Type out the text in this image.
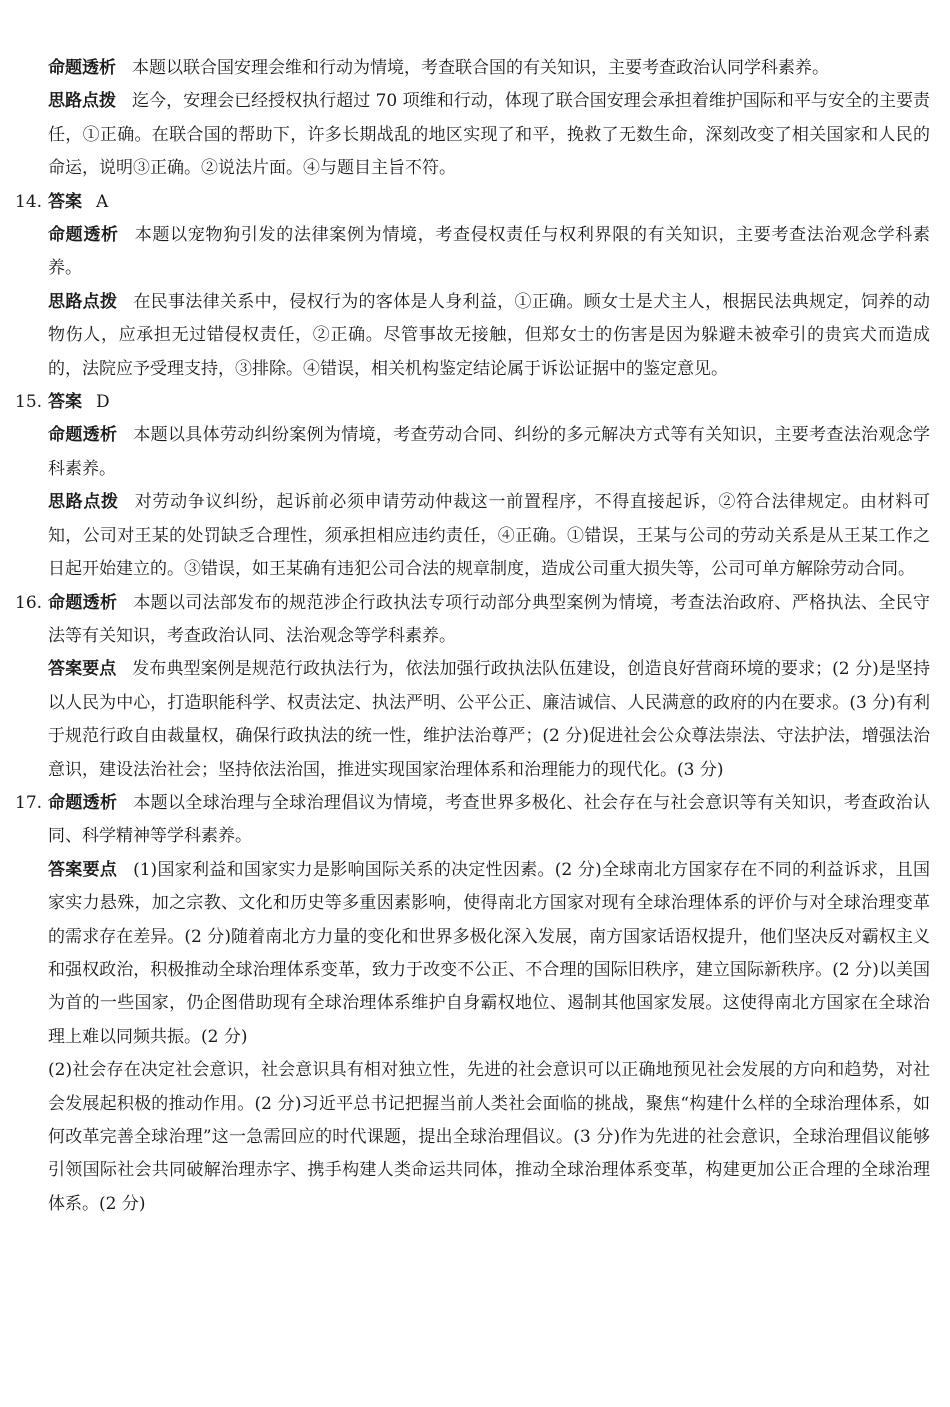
命题透析 本题以联合国安理会维和行动为情境，考查联合国的有关知识，主要考查政治认同学科素养。

思路点拨 迄今，安理会已经授权执行超过 70 项维和行动，体现了联合国安理会承担着维护国际和平与安全的主要责任，①正确。在联合国的帮助下，许多长期战乱的地区实现了和平，挽救了无数生命，深刻改变了相关国家和人民的命运，说明③正确。②说法片面。④与题目主旨不符。

14. 答案 A

命题透析 本题以宠物狗引发的法律案例为情境，考查侵权责任与权利界限的有关知识，主要考查法治观念学科素养。

思路点拨 在民事法律关系中，侵权行为的客体是人身利益，①正确。顾女士是犬主人，根据民法典规定，饲养的动物伤人，应承担无过错侵权责任，②正确。尽管事故无接触，但郑女士的伤害是因为躲避未被牵引的贵宾犬而造成的，法院应予受理支持，③排除。④错误，相关机构鉴定结论属于诉讼证据中的鉴定意见。

15. 答案 D

命题透析 本题以具体劳动纠纷案例为情境，考查劳动合同、纠纷的多元解决方式等有关知识，主要考查法治观念学科素养。

思路点拨 对劳动争议纠纷，起诉前必须申请劳动仲裁这一前置程序，不得直接起诉，②符合法律规定。由材料可知，公司对王某的处罚缺乏合理性，须承担相应违约责任，④正确。①错误，王某与公司的劳动关系是从王某工作之日起开始建立的。③错误，如王某确有违犯公司合法的规章制度，造成公司重大损失等，公司可单方解除劳动合同。

16. 命题透析 本题以司法部发布的规范涉企行政执法专项行动部分典型案例为情境，考查法治政府、严格执法、全民守法等有关知识，考查政治认同、法治观念等学科素养。

答案要点 发布典型案例是规范行政执法行为，依法加强行政执法队伍建设，创造良好营商环境的要求；(2 分)是坚持以人民为中心，打造职能科学、权责法定、执法严明、公平公正、廉洁诚信、人民满意的政府的内在要求。(3 分)有利于规范行政自由裁量权，确保行政执法的统一性，维护法治尊严；(2 分)促进社会公众尊法崇法、守法护法，增强法治意识，建设法治社会；坚持依法治国，推进实现国家治理体系和治理能力的现代化。(3 分)

17. 命题透析 本题以全球治理与全球治理倡议为情境，考查世界多极化、社会存在与社会意识等有关知识，考查政治认同、科学精神等学科素养。

答案要点 (1)国家利益和国家实力是影响国际关系的决定性因素。(2 分)全球南北方国家存在不同的利益诉求，且国家实力悬殊，加之宗教、文化和历史等多重因素影响，使得南北方国家对现有全球治理体系的评价与对全球治理变革的需求存在差异。(2 分)随着南北方力量的变化和世界多极化深入发展，南方国家话语权提升，他们坚决反对霸权主义和强权政治，积极推动全球治理体系变革，致力于改变不公正、不合理的国际旧秩序，建立国际新秩序。(2 分)以美国为首的一些国家，仍企图借助现有全球治理体系维护自身霸权地位、遏制其他国家发展。这使得南北方国家在全球治理上难以同频共振。(2 分)

(2)社会存在决定社会意识，社会意识具有相对独立性，先进的社会意识可以正确地预见社会发展的方向和趋势，对社会发展起积极的推动作用。(2 分)习近平总书记把握当前人类社会面临的挑战，聚焦“构建什么样的全球治理体系，如何改革完善全球治理”这一急需回应的时代课题，提出全球治理倡议。(3 分)作为先进的社会意识，全球治理倡议能够引领国际社会共同破解治理赤字、携手构建人类命运共同体，推动全球治理体系变革，构建更加公正合理的全球治理体系。(2 分)
